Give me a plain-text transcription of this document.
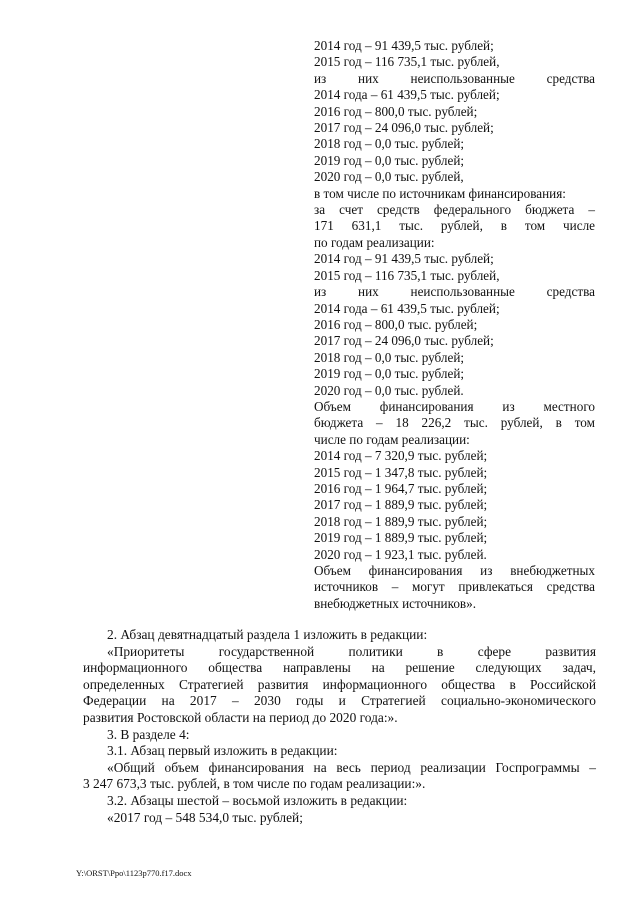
2014 год – 91 439,5 тыс. рублей;
2015 год – 116 735,1 тыс. рублей,
из них неиспользованные средства
2014 года – 61 439,5 тыс. рублей;
2016 год – 800,0 тыс. рублей;
2017 год – 24 096,0 тыс. рублей;
2018 год – 0,0 тыс. рублей;
2019 год – 0,0 тыс. рублей;
2020 год – 0,0 тыс. рублей,
в том числе по источникам финансирования:
за счет средств федерального бюджета –
171 631,1 тыс. рублей, в том числе
по годам реализации:
2014 год – 91 439,5 тыс. рублей;
2015 год – 116 735,1 тыс. рублей,
из них неиспользованные средства
2014 года – 61 439,5 тыс. рублей;
2016 год – 800,0 тыс. рублей;
2017 год – 24 096,0 тыс. рублей;
2018 год – 0,0 тыс. рублей;
2019 год – 0,0 тыс. рублей;
2020 год – 0,0 тыс. рублей.
Объем финансирования из местного
бюджета – 18 226,2 тыс. рублей, в том
числе по годам реализации:
2014 год – 7 320,9 тыс. рублей;
2015 год – 1 347,8 тыс. рублей;
2016 год – 1 964,7 тыс. рублей;
2017 год – 1 889,9 тыс. рублей;
2018 год – 1 889,9 тыс. рублей;
2019 год – 1 889,9 тыс. рублей;
2020 год – 1 923,1 тыс. рублей.
Объем финансирования из внебюджетных
источников – могут привлекаться средства
внебюджетных источников».

2. Абзац девятнадцатый раздела 1 изложить в редакции:

«Приоритеты государственной политики в сфере развития
информационного общества направлены на решение следующих задач,
определенных Стратегией развития информационного общества в Российской
Федерации на 2017 – 2030 годы и Стратегией социально-экономического
развития Ростовской области на период до 2020 года:».

3. В разделе 4:

3.1. Абзац первый изложить в редакции:

«Общий объем финансирования на весь период реализации Госпрограммы –
3 247 673,3 тыс. рублей, в том числе по годам реализации:».

3.2. Абзацы шестой – восьмой изложить в редакции:

«2017 год – 548 534,0 тыс. рублей;

Y:\ORST\Ppo\1123p770.f17.docx
